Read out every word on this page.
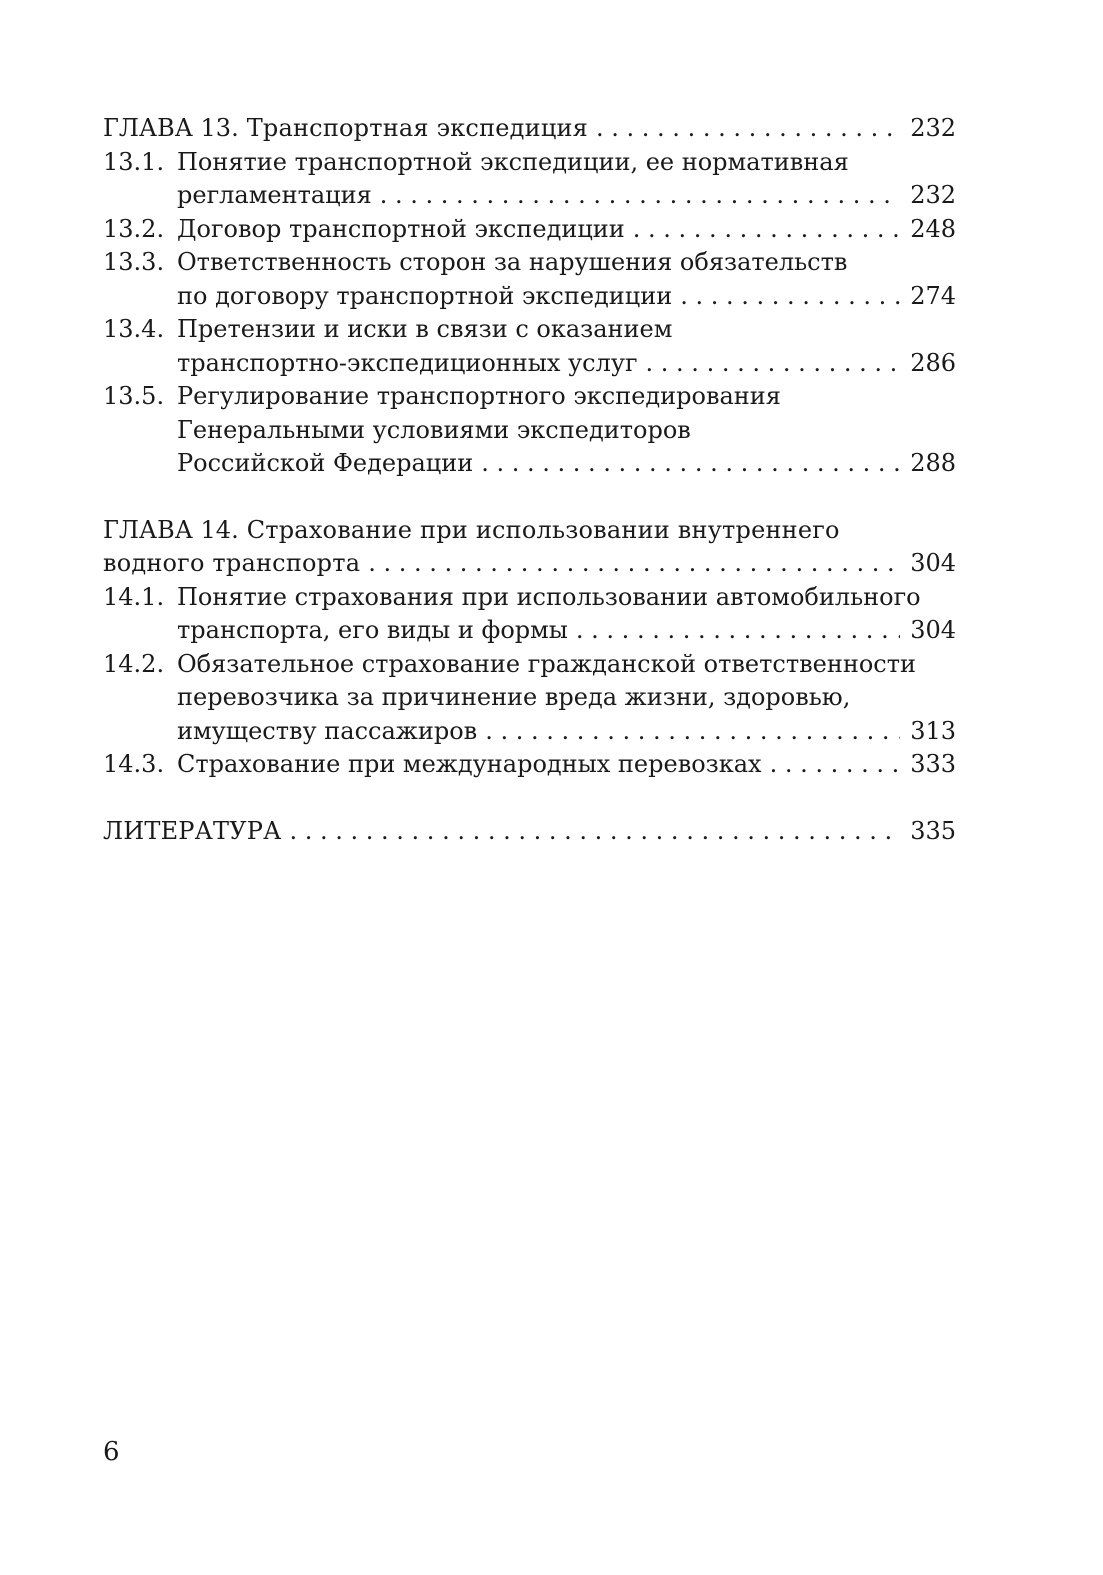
ГЛАВА 13. Транспортная экспедиция . . .	232
13.1. Понятие транспортной экспедиции, ее нормативная
регламентация . . .	232
13.2. Договор транспортной экспедиции . . .	248
13.3. Ответственность сторон за нарушения обязательств
по договору транспортной экспедиции . . .	274
13.4. Претензии и иски в связи с оказанием
транспортно-экспедиционных услуг . . .	286
13.5. Регулирование транспортного экспедирования
Генеральными условиями экспедиторов
Российской Федерации . . .	288
ГЛАВА 14. Страхование при использовании внутреннего
водного транспорта . . .	304
14.1. Понятие страхования при использовании автомобильного
транспорта, его виды и формы . . .	304
14.2. Обязательное страхование гражданской ответственности
перевозчика за причинение вреда жизни, здоровью,
имуществу пассажиров . . .	313
14.3. Страхование при международных перевозках . . .	333
ЛИТЕРАТУРА . . .	335
6
